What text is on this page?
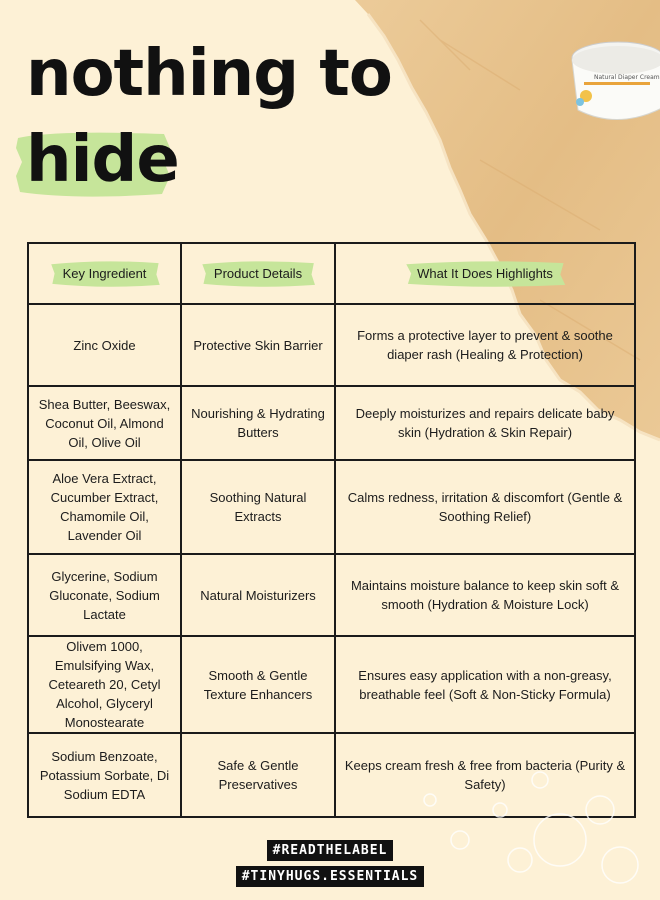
nothing to
hide
Natural Diaper Cream
Key Ingredient	Product Details	What It Does Highlights
Zinc Oxide	Protective Skin Barrier	Forms a protective layer to prevent & soothe diaper rash (Healing & Protection)
Shea Butter, Beeswax, Coconut Oil, Almond Oil, Olive Oil	Nourishing & Hydrating Butters	Deeply moisturizes and repairs delicate baby skin (Hydration & Skin Repair)
Aloe Vera Extract, Cucumber Extract, Chamomile Oil, Lavender Oil	Soothing Natural Extracts	Calms redness, irritation & discomfort (Gentle & Soothing Relief)
Glycerine, Sodium Gluconate, Sodium Lactate	Natural Moisturizers	Maintains moisture balance to keep skin soft & smooth (Hydration & Moisture Lock)
Olivem 1000, Emulsifying Wax, Ceteareth 20, Cetyl Alcohol, Glyceryl Monostearate	Smooth & Gentle Texture Enhancers	Ensures easy application with a non-greasy, breathable feel (Soft & Non-Sticky Formula)
Sodium Benzoate, Potassium Sorbate, Di Sodium EDTA	Safe & Gentle Preservatives	Keeps cream fresh & free from bacteria (Purity & Safety)
#READTHELABEL
#TINYHUGS.ESSENTIALS
